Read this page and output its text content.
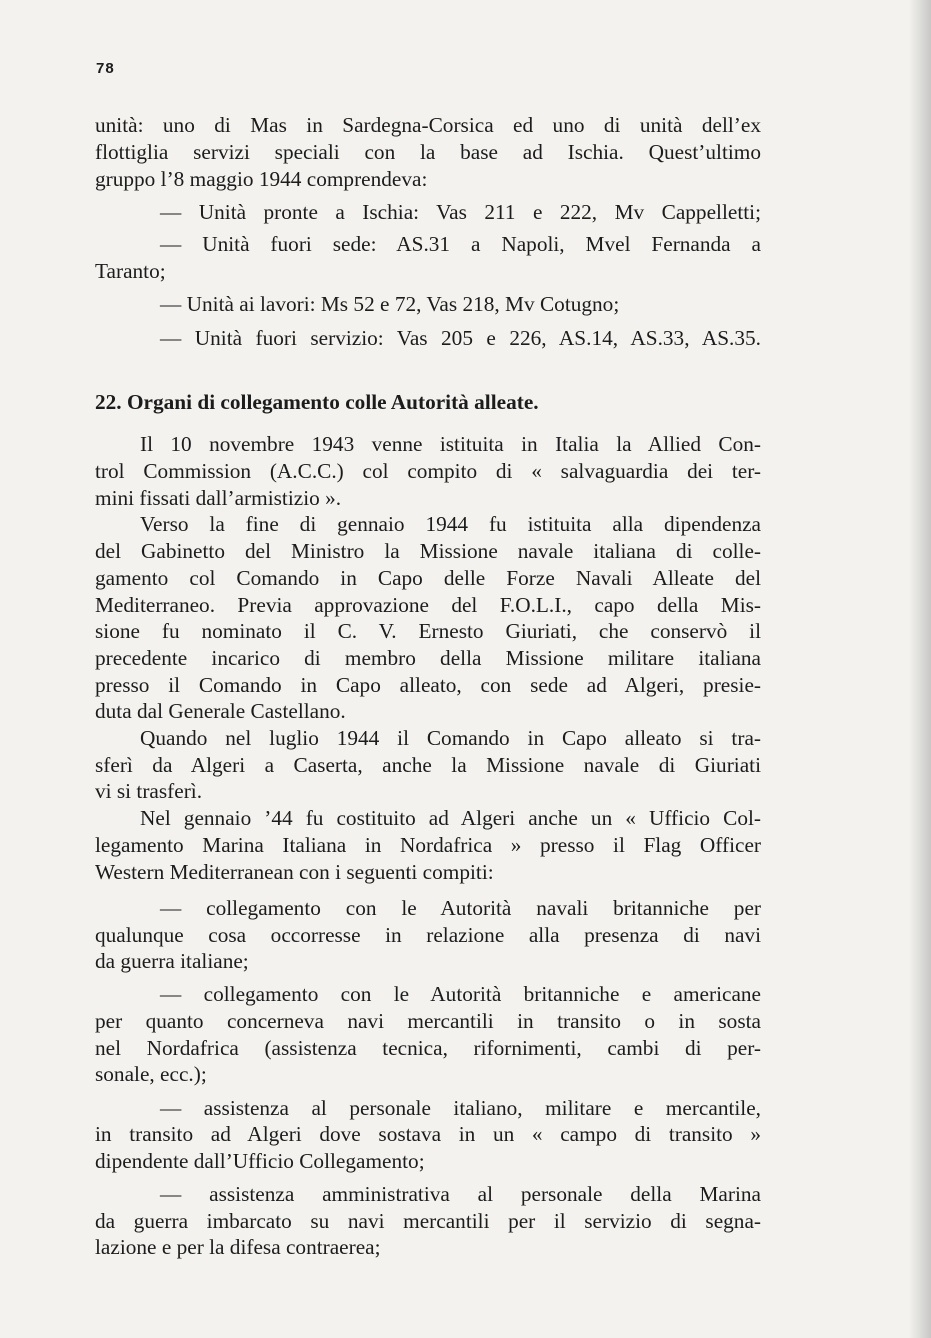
78
unità: uno di Mas in Sardegna-Corsica ed uno di unità dell’ex
flottiglia servizi speciali con la base ad Ischia. Quest’ultimo
gruppo l’8 maggio 1944 comprendeva:
— Unità pronte a Ischia: Vas 211 e 222, Mv Cappelletti;
— Unità fuori sede: AS.31 a Napoli, Mvel Fernanda a
Taranto;
— Unità ai lavori: Ms 52 e 72, Vas 218, Mv Cotugno;
— Unità fuori servizio: Vas 205 e 226, AS.14, AS.33, AS.35.
22. Organi di collegamento colle Autorità alleate.
Il 10 novembre 1943 venne istituita in Italia la Allied Con-
trol Commission (A.C.C.) col compito di « salvaguardia dei ter-
mini fissati dall’armistizio ».
Verso la fine di gennaio 1944 fu istituita alla dipendenza
del Gabinetto del Ministro la Missione navale italiana di colle-
gamento col Comando in Capo delle Forze Navali Alleate del
Mediterraneo. Previa approvazione del F.O.L.I., capo della Mis-
sione fu nominato il C. V. Ernesto Giuriati, che conservò il
precedente incarico di membro della Missione militare italiana
presso il Comando in Capo alleato, con sede ad Algeri, presie-
duta dal Generale Castellano.
Quando nel luglio 1944 il Comando in Capo alleato si tra-
sferì da Algeri a Caserta, anche la Missione navale di Giuriati
vi si trasferì.
Nel gennaio ’44 fu costituito ad Algeri anche un « Ufficio Col-
legamento Marina Italiana in Nordafrica » presso il Flag Officer
Western Mediterranean con i seguenti compiti:
— collegamento con le Autorità navali britanniche per
qualunque cosa occorresse in relazione alla presenza di navi
da guerra italiane;
— collegamento con le Autorità britanniche e americane
per quanto concerneva navi mercantili in transito o in sosta
nel Nordafrica (assistenza tecnica, rifornimenti, cambi di per-
sonale, ecc.);
— assistenza al personale italiano, militare e mercantile,
in transito ad Algeri dove sostava in un « campo di transito »
dipendente dall’Ufficio Collegamento;
— assistenza amministrativa al personale della Marina
da guerra imbarcato su navi mercantili per il servizio di segna-
lazione e per la difesa contraerea;
